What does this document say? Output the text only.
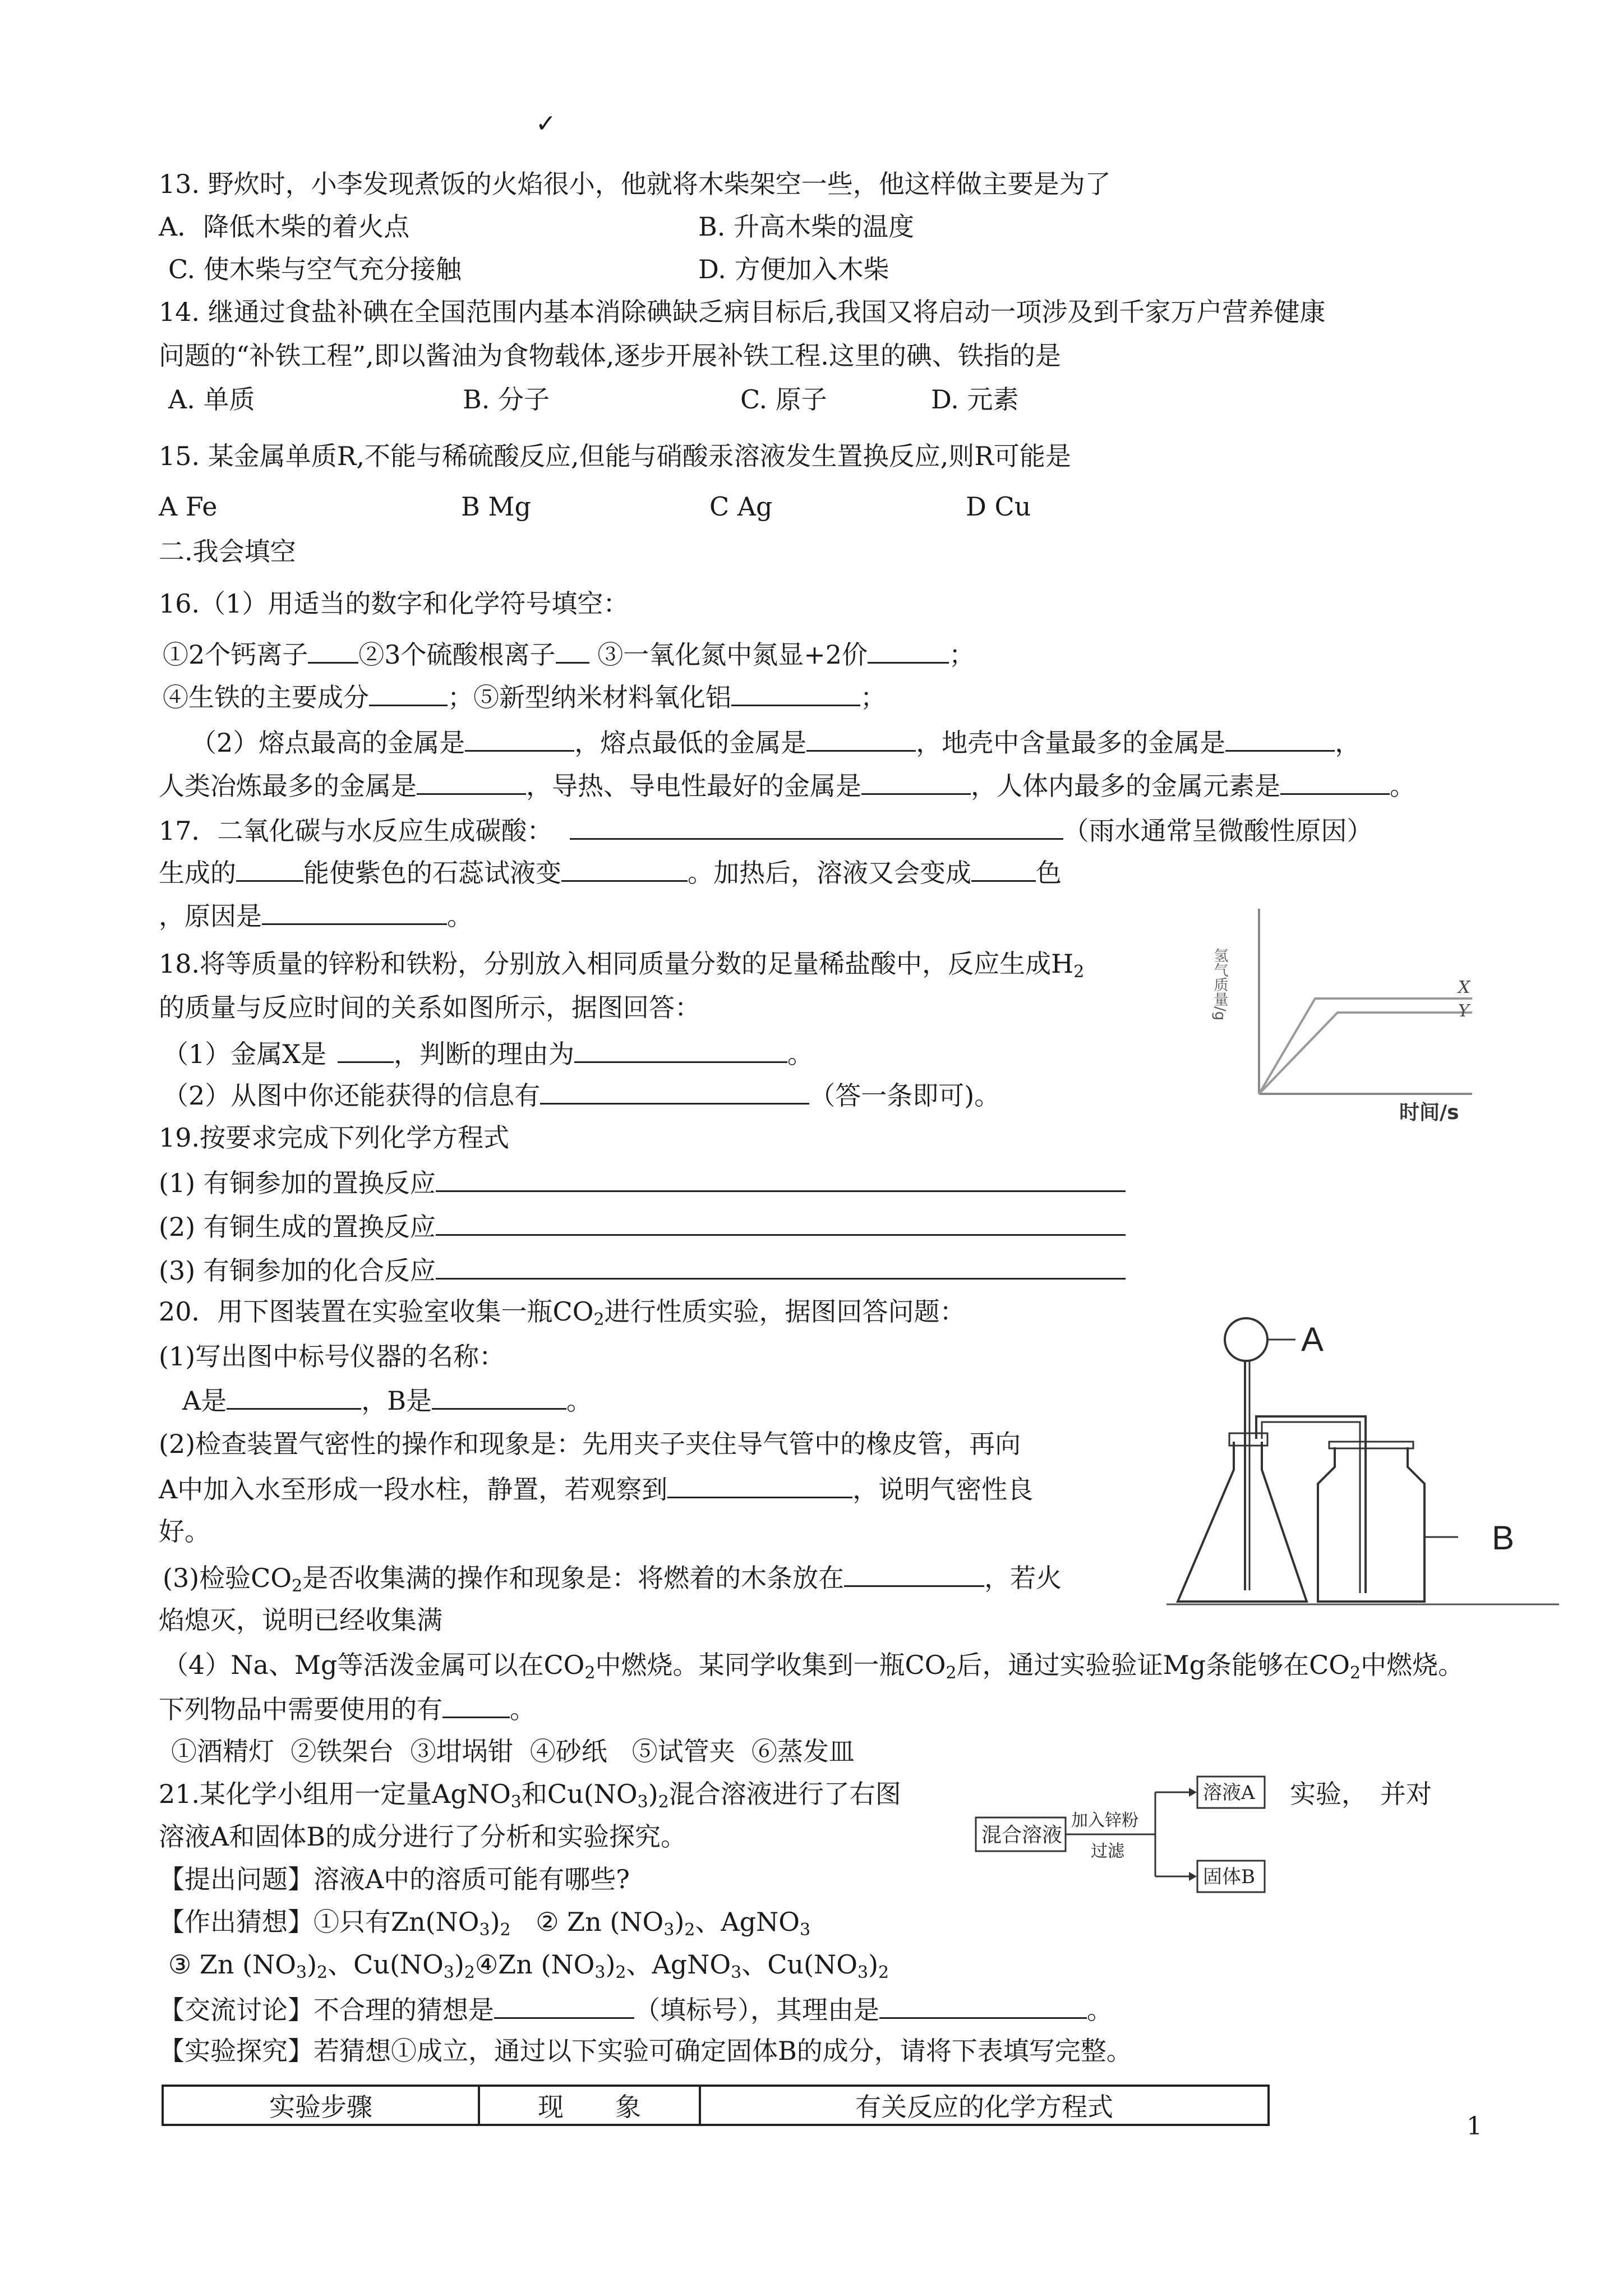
✓
13. 野炊时，小李发现煮饭的火焰很小，他就将木柴架空一些，他这样做主要是为了
A．降低木柴的着火点	B. 升高木柴的温度
C. 使木柴与空气充分接触	D. 方便加入木柴
14. 继通过食盐补碘在全国范围内基本消除碘缺乏病目标后,我国又将启动一项涉及到千家万户营养健康
问题的“补铁工程”,即以酱油为食物载体,逐步开展补铁工程.这里的碘、铁指的是
A. 单质	B. 分子	C. 原子	D. 元素
15. 某金属单质R,不能与稀硫酸反应,但能与硝酸汞溶液发生置换反应,则R可能是
A Fe	B Mg	C Ag	D Cu
二.我会填空
16.（1）用适当的数字和化学符号填空：
①2个钙离子 ②3个硫酸根离子 ③一氧化氮中氮显+2价	；
④生铁的主要成分	；⑤新型纳米材料氧化铝	；
（2）熔点最高的金属是	，熔点最低的金属是	，地壳中含量最多的金属是	，
人类冶炼最多的金属是	，导热、导电性最好的金属是	，人体内最多的金属元素是	。
17．二氧化碳与水反应生成碳酸：	（雨水通常呈微酸性原因）
生成的	能使紫色的石蕊试液变	。加热后，溶液又会变成	色
，原因是	。
18.将等质量的锌粉和铁粉，分别放入相同质量分数的足量稀盐酸中，反应生成$H_2$
的质量与反应时间的关系如图所示，据图回答：
（1）金属X是	，判断的理由为	。
（2）从图中你还能获得的信息有	（答一条即可)。
氢气质量/g	X
Y
时间/s
19.按要求完成下列化学方程式
(1) 有铜参加的置换反应
(2) 有铜生成的置换反应
(3) 有铜参加的化合反应
20．用下图装置在实验室收集一瓶$CO_2$进行性质实验，据图回答问题：
(1)写出图中标号仪器的名称：
A是	，B是	。
(2)检查装置气密性的操作和现象是：先用夹子夹住导气管中的橡皮管，再向
A中加入水至形成一段水柱，静置，若观察到	，说明气密性良
好。
(3)检验$CO_2$是否收集满的操作和现象是：将燃着的木条放在	，若火
焰熄灭，说明已经收集满
（4）Na、Mg等活泼金属可以在$CO_2$中燃烧。某同学收集到一瓶$CO_2$后，通过实验验证Mg条能够在$CO_2$中燃烧。
下列物品中需要使用的有	。
①酒精灯  ②铁架台  ③坩埚钳  ④砂纸   ⑤试管夹  ⑥蒸发皿
A
B
21.某化学小组用一定量AgNO$_3$和$Cu(NO_3)_2$混合溶液进行了右图	实验，　并对
溶液A和固体B的成分进行了分析和实验探究。
【提出问题】溶液A中的溶质可能有哪些?
【作出猜想】①只有$Zn(NO_3)_2$ ② Zn $(NO_3)_2$、AgNO$_3$
③ Zn $(NO_3)_2$、$Cu(NO_3)_2④Zn$ $(NO_3)_2$、AgNO$_3$、$Cu(NO_3)_2$
【交流讨论】不合理的猜想是	（填标号），其理由是	。
【实验探究】若猜想①成立，通过以下实验可确定固体B的成分，请将下表填写完整。
混合溶液
加入锌粉
过滤
溶液A
固体B
实验步骤	现　　象	有关反应的化学方程式
1
